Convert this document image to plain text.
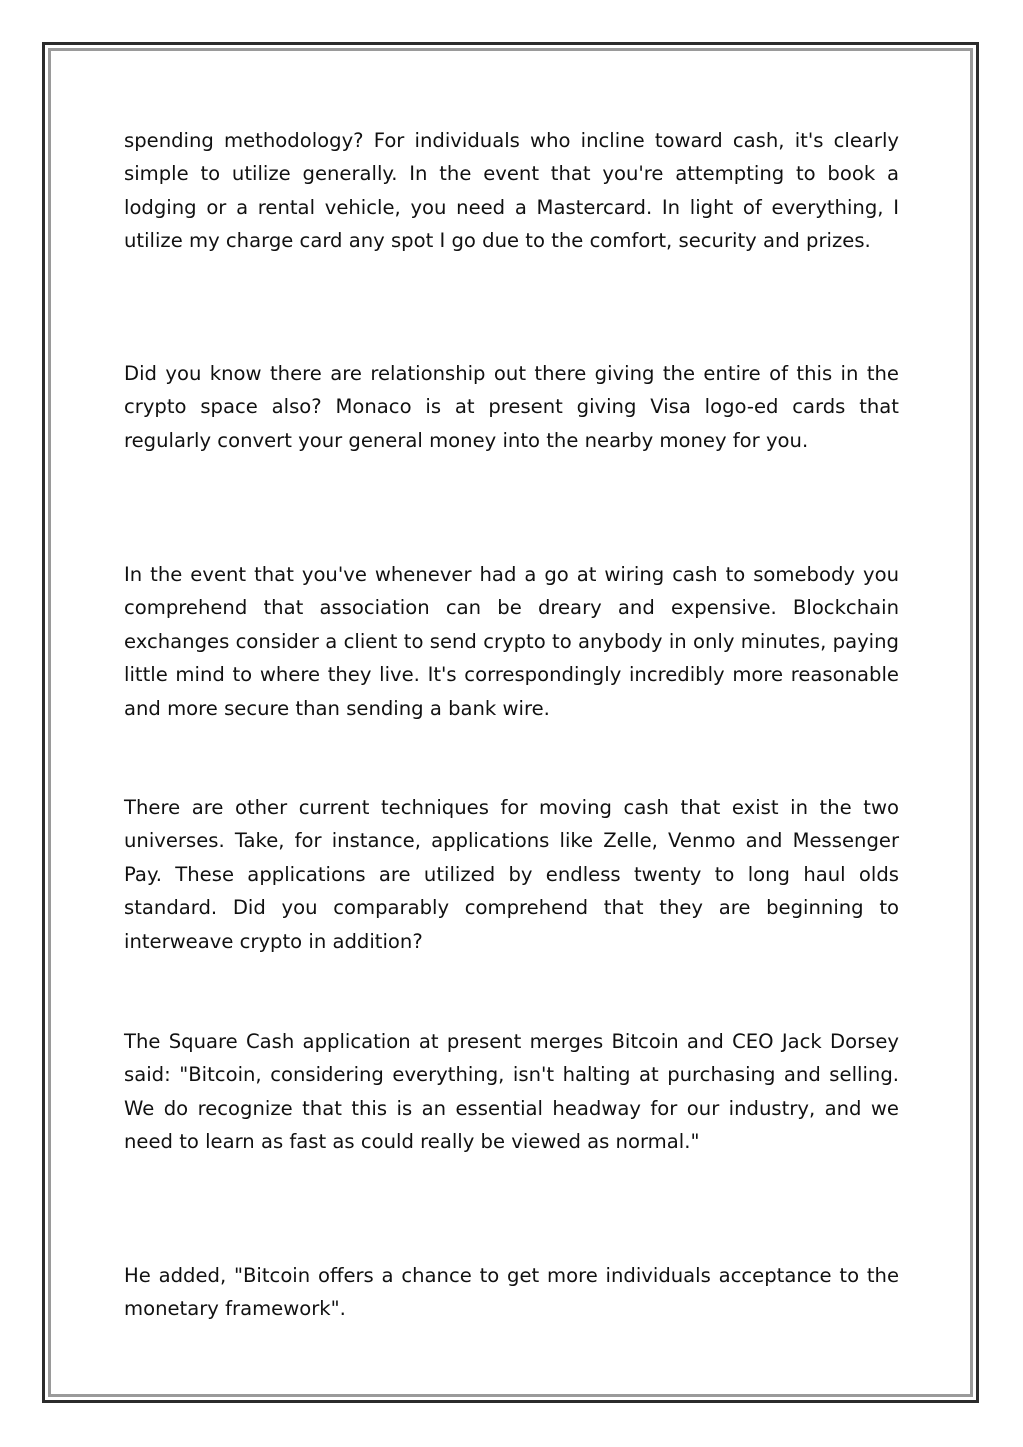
spending methodology? For individuals who incline toward cash, it's clearly simple to utilize generally. In the event that you're attempting to book a lodging or a rental vehicle, you need a Mastercard. In light of everything, I utilize my charge card any spot I go due to the comfort, security and prizes.

Did you know there are relationship out there giving the entire of this in the crypto space also? Monaco is at present giving Visa logo-ed cards that regularly convert your general money into the nearby money for you.

In the event that you've whenever had a go at wiring cash to somebody you comprehend that association can be dreary and expensive. Blockchain exchanges consider a client to send crypto to anybody in only minutes, paying little mind to where they live. It's correspondingly incredibly more reasonable and more secure than sending a bank wire.

There are other current techniques for moving cash that exist in the two universes. Take, for instance, applications like Zelle, Venmo and Messenger Pay. These applications are utilized by endless twenty to long haul olds standard. Did you comparably comprehend that they are beginning to interweave crypto in addition?

The Square Cash application at present merges Bitcoin and CEO Jack Dorsey said: "Bitcoin, considering everything, isn't halting at purchasing and selling. We do recognize that this is an essential headway for our industry, and we need to learn as fast as could really be viewed as normal."

He added, "Bitcoin offers a chance to get more individuals acceptance to the monetary framework".
